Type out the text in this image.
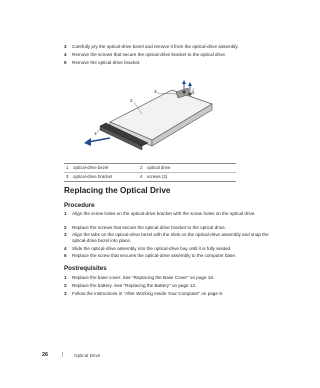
3 Carefully pry the optical-drive bezel and remove it from the optical-drive assembly.
4 Remove the screws that secure the optical-drive bracket to the optical drive.
5 Remove the optical-drive bracket.
1
2
3	4
1 optical-drive bezel	2 optical drive
3 optical-drive bracket	4 screws (2)
Replacing the Optical Drive
Procedure
1 Align the screw holes on the optical-drive bracket with the screw holes on the optical drive.
2 Replace the screws that secure the optical-drive bracket to the optical drive.
3 Align the tabs on the optical-drive bezel with the slots on the optical-drive assembly and snap the optical-drive bezel into place.
4 Slide the optical-drive assembly into the optical-drive bay until it is fully seated.
5 Replace the screw that secures the optical-drive assembly to the computer base.
Postrequisites
1 Replace the base cover. See "Replacing the Base Cover" on page 18.
2 Replace the battery. See "Replacing the Battery" on page 13.
3 Follow the instructions in "After Working Inside Your Computer" on page 9.
26	| Optical Drive
